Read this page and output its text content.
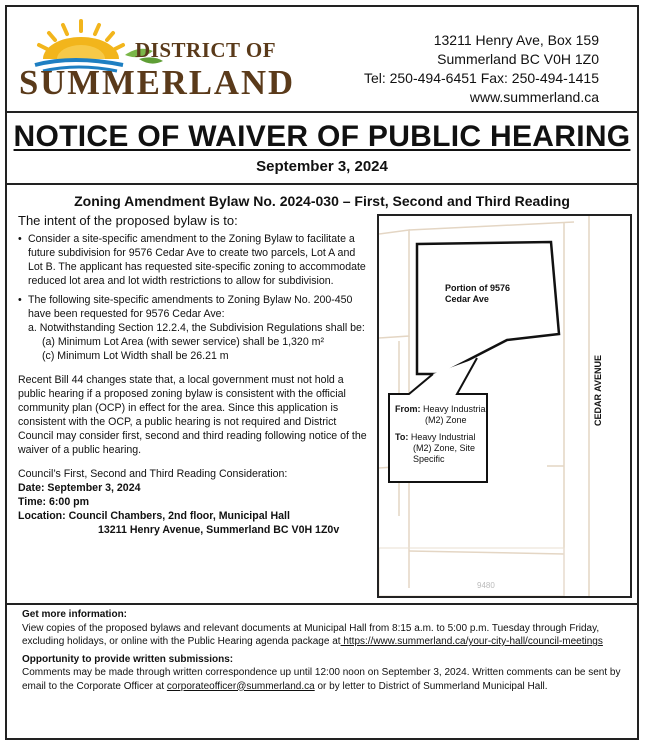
DISTRICT OF
SUMMERLAND
13211 Henry Ave, Box 159
Summerland BC V0H 1Z0
Tel: 250-494-6451 Fax: 250-494-1415
www.summerland.ca
NOTICE OF WAIVER OF PUBLIC HEARING
September 3, 2024
Zoning Amendment Bylaw No. 2024-030 – First, Second and Third Reading
The intent of the proposed bylaw is to:
• Consider a site-specific amendment to the Zoning Bylaw to facilitate a future subdivision for 9576 Cedar Ave to create two parcels, Lot A and Lot B. The applicant has requested site-specific zoning to accommodate reduced lot area and lot width restrictions to allow for subdivision.
• The following site-specific amendments to Zoning Bylaw No. 200-450 have been requested for 9576 Cedar Ave:
a. Notwithstanding Section 12.2.4, the Subdivision Regulations shall be:
(a) Minimum Lot Area (with sewer service) shall be 1,320 m²
(c) Minimum Lot Width shall be 26.21 m
Recent Bill 44 changes state that, a local government must not hold a public hearing if a proposed zoning bylaw is consistent with the official community plan (OCP) in effect for the area. Since this application is consistent with the OCP, a public hearing is not required and District Council may consider first, second and third reading following notice of the waiver of a public hearing.
Council’s First, Second and Third Reading Consideration:
Date: September 3, 2024
Time: 6:00 pm
Location: Council Chambers, 2nd floor, Municipal Hall
13211 Henry Avenue, Summerland BC V0H 1Z0v
9480
Portion of 9576 Cedar Ave
From: Heavy Industrial (M2) Zone
To: Heavy Industrial (M2) Zone, Site Specific
CEDAR AVENUE
Get more information:
View copies of the proposed bylaws and relevant documents at Municipal Hall from 8:15 a.m. to 5:00 p.m. Tuesday through Friday, excluding holidays, or online with the Public Hearing agenda package at https://www.summerland.ca/your-city-hall/council-meetings
Opportunity to provide written submissions:
Comments may be made through written correspondence up until 12:00 noon on September 3, 2024. Written comments can be sent by email to the Corporate Officer at corporateofficer@summerland.ca or by letter to District of Summerland Municipal Hall.
